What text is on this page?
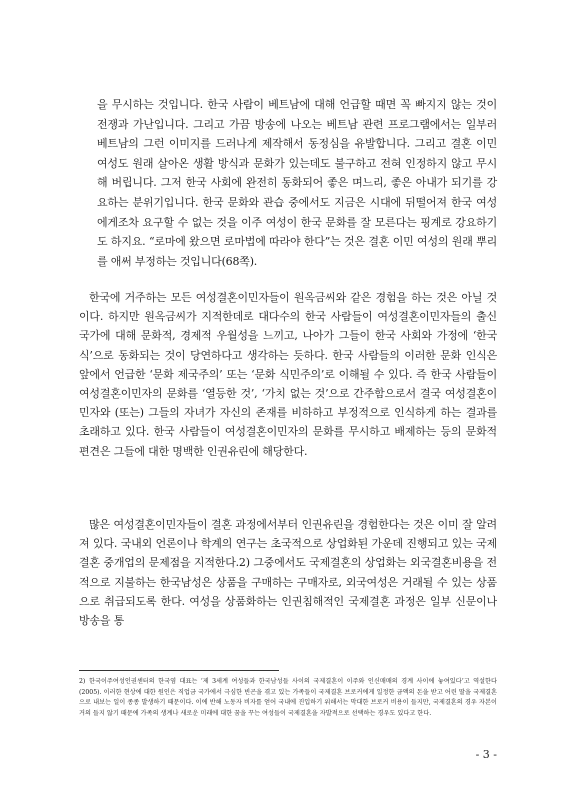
을 무시하는 것입니다. 한국 사람이 베트남에 대해 언급할 때면 꼭 빠지지 않는 것이 전쟁과 가난입니다. 그리고 가끔 방송에 나오는 베트남 관련 프로그램에서는 일부러 베트남의 그런 이미지를 드러나게 제작해서 동정심을 유발합니다. 그리고 결혼 이민 여성도 원래 살아온 생활 방식과 문화가 있는데도 불구하고 전혀 인정하지 않고 무시해 버립니다. 그저 한국 사회에 완전히 동화되어 좋은 며느리, 좋은 아내가 되기를 강요하는 분위기입니다. 한국 문화와 관습 중에서도 지금은 시대에 뒤떨어져 한국 여성에게조차 요구할 수 없는 것을 이주 여성이 한국 문화를 잘 모른다는 핑계로 강요하기도 하지요. “로마에 왔으면 로마법에 따라야 한다”는 것은 결혼 이민 여성의 원래 뿌리를 애써 부정하는 것입니다(68쪽).

한국에 거주하는 모든 여성결혼이민자들이 원옥금씨와 같은 경험을 하는 것은 아닐 것이다. 하지만 원옥금씨가 지적한데로 대다수의 한국 사람들이 여성결혼이민자들의 출신 국가에 대해 문화적, 경제적 우월성을 느끼고, 나아가 그들이 한국 사회와 가정에 ‘한국식’으로 동화되는 것이 당연하다고 생각하는 듯하다. 한국 사람들의 이러한 문화 인식은 앞에서 언급한 ‘문화 제국주의’ 또는 ‘문화 식민주의’로 이해될 수 있다. 즉 한국 사람들이 여성결혼이민자의 문화를 ‘열등한 것’, ‘가치 없는 것’으로 간주함으로서 결국 여성결혼이민자와 (또는) 그들의 자녀가 자신의 존재를 비하하고 부정적으로 인식하게 하는 결과를 초래하고 있다. 한국 사람들이 여성결혼이민자의 문화를 무시하고 배제하는 등의 문화적 편견은 그들에 대한 명백한 인권유린에 해당한다.

많은 여성결혼이민자들이 결혼 과정에서부터 인권유린을 경험한다는 것은 이미 잘 알려져 있다. 국내외 언론이나 학계의 연구는 초국적으로 상업화된 가운데 진행되고 있는 국제결혼 중개업의 문제점을 지적한다.2) 그중에서도 국제결혼의 상업화는 외국결혼비용을 전적으로 지불하는 한국남성은 상품을 구매하는 구매자로, 외국여성은 거래될 수 있는 상품으로 취급되도록 한다. 여성을 상품화하는 인권침해적인 국제결혼 과정은 일부 신문이나 방송을 통

2) 한국이주여성인권센터의 한국염 대표는 ‘제 3세계 여성들과 한국남성들 사이의 국제결혼이 이주와 인신매매의 경계 사이에 놓여있다’고 역설한다(2005). 이러한 현상에 대한 원인은 직업금 국가에서 극심한 빈곤을 겪고 있는 가족들이 국제결혼 브로커에게 일정한 금액의 돈을 받고 어린 딸을 국제결혼으로 내보는 일이 종종 발생하기 때문이다. 이에 반해 노동자 비자를 얻어 국내에 진입하기 위해서는 막대한 브로커 비용이 들지만, 국제결혼의 경우 자본이 거의 들지 않기 때문에 가족의 생계나 새로운 미래에 대한 꿈을 꾸는 여성들이 국제결혼을 자발적으로 선택하는 경우도 있다고 한다.

- 3 -
